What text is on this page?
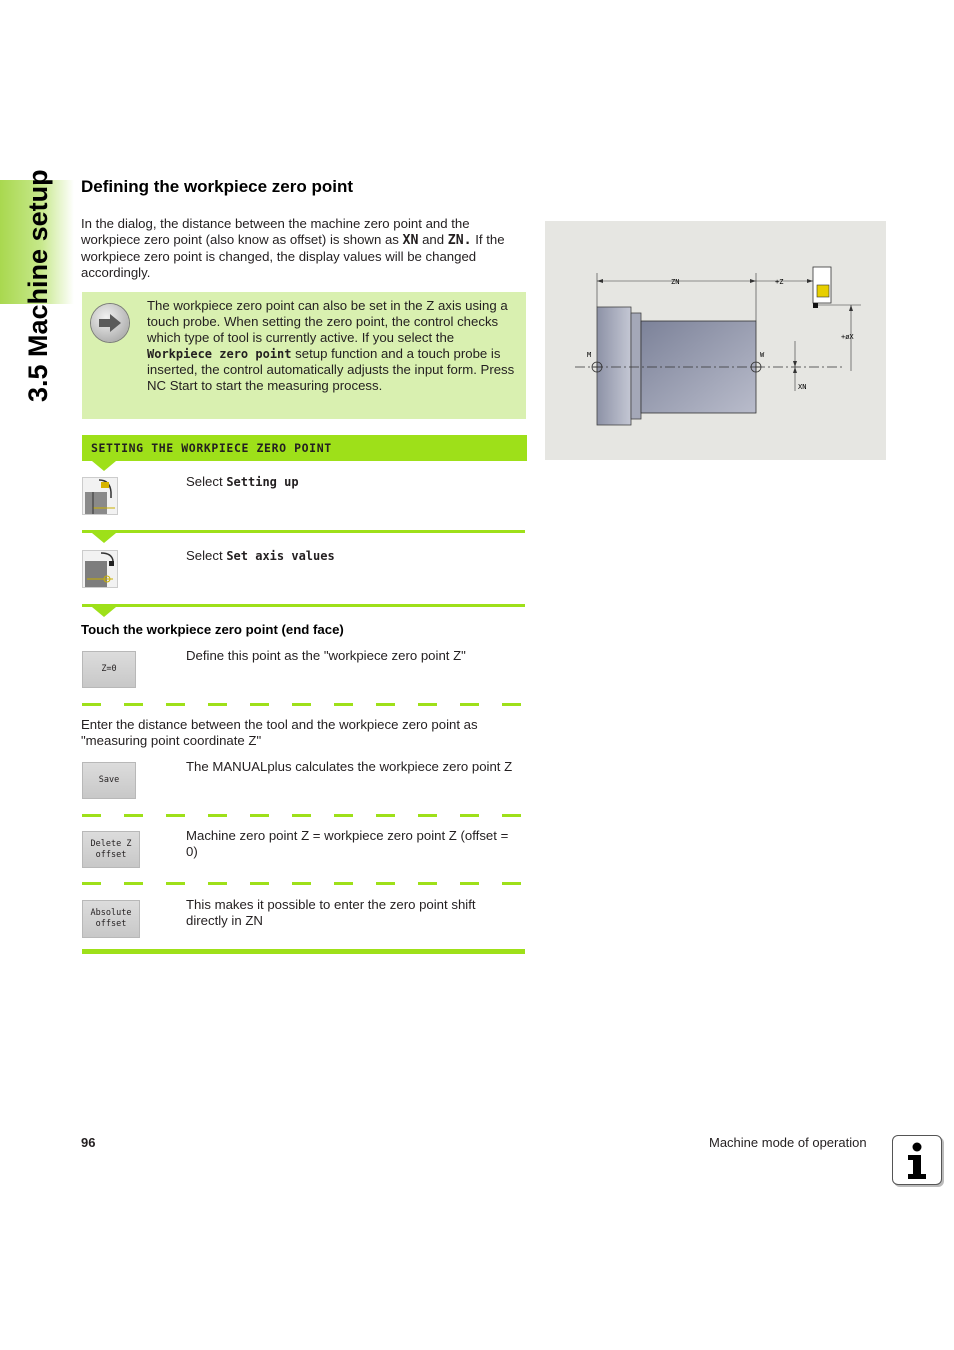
3.5 Machine setup Defining the workpiece zero point

In the dialog, the distance between the machine zero point and the workpiece zero point (also know as offset) is shown as XN and ZN. If the workpiece zero point is changed, the display values will be changed accordingly.

The workpiece zero point can also be set in the Z axis using a touch probe. When setting the zero point, the control checks which type of tool is currently active. If you select the Workpiece zero point setup function and a touch probe is inserted, the control automatically adjusts the input form. Press NC Start to start the measuring process.

SETTING THE WORKPIECE ZERO POINT

Select Setting up

Select Set axis values

Touch the workpiece zero point (end face)
Z=0

Define this point as the "workpiece zero point Z"

Enter the distance between the tool and the workpiece zero point as "measuring point coordinate Z"

Save

The MANUALplus calculates the workpiece zero point Z

Delete Z
offset

Machine zero point Z = workpiece zero point Z (offset = 0)

Absolute
offset

This makes it possible to enter the zero point shift directly in ZN

M	W
ZN	+Z
+øX
XN
96	Machine mode of operation
